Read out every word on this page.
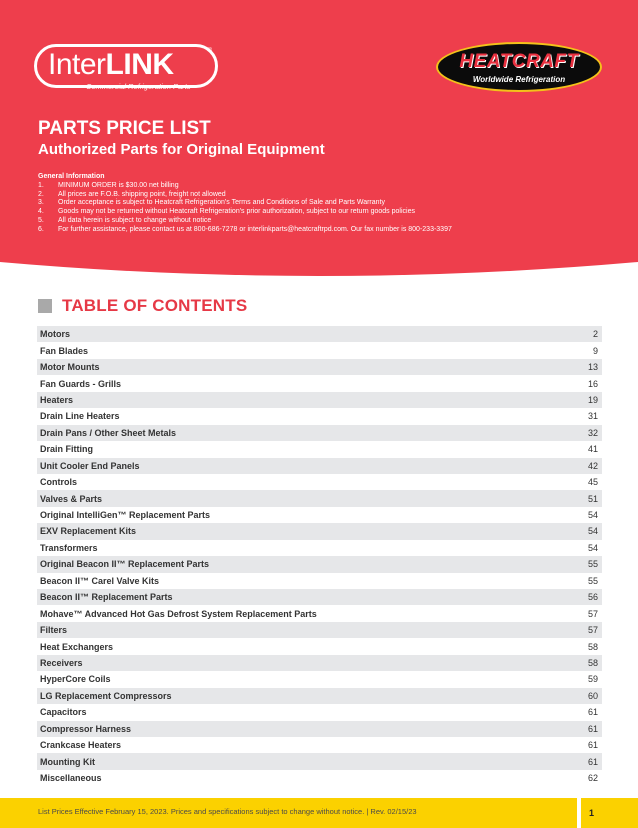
InterLINK	®
Commercial Refrigeration Parts
HEATCRAFT
Worldwide Refrigeration
PARTS PRICE LIST
Authorized Parts for Original Equipment
General Information
1. MINIMUM ORDER is $30.00 net billing
2. All prices are F.O.B. shipping point, freight not allowed
3. Order acceptance is subject to Heatcraft Refrigeration's Terms and Conditions of Sale and Parts Warranty
4. Goods may not be returned without Heatcraft Refrigeration's prior authorization, subject to our return goods policies
5. All data herein is subject to change without notice
6. For further assistance, please contact us at 800-686-7278 or interlinkparts@heatcraftrpd.com. Our fax number is 800-233-3397
TABLE OF CONTENTS
Motors	2
Fan Blades	9
Motor Mounts	13
Fan Guards - Grills	16
Heaters	19
Drain Line Heaters	31
Drain Pans / Other Sheet Metals	32
Drain Fitting	41
Unit Cooler End Panels	42
Controls	45
Valves & Parts	51
Original IntelliGen™ Replacement Parts	54
EXV Replacement Kits	54
Transformers	54
Original Beacon II™ Replacement Parts	55
Beacon II™ Carel Valve Kits	55
Beacon II™ Replacement Parts	56
Mohave™ Advanced Hot Gas Defrost System Replacement Parts	57
Filters	57
Heat Exchangers	58
Receivers	58
HyperCore Coils	59
LG Replacement Compressors	60
Capacitors	61
Compressor Harness	61
Crankcase Heaters	61
Mounting Kit	61
Miscellaneous	62
List Prices Effective February 15, 2023. Prices and specifications subject to change without notice. | Rev. 02/15/23	1
